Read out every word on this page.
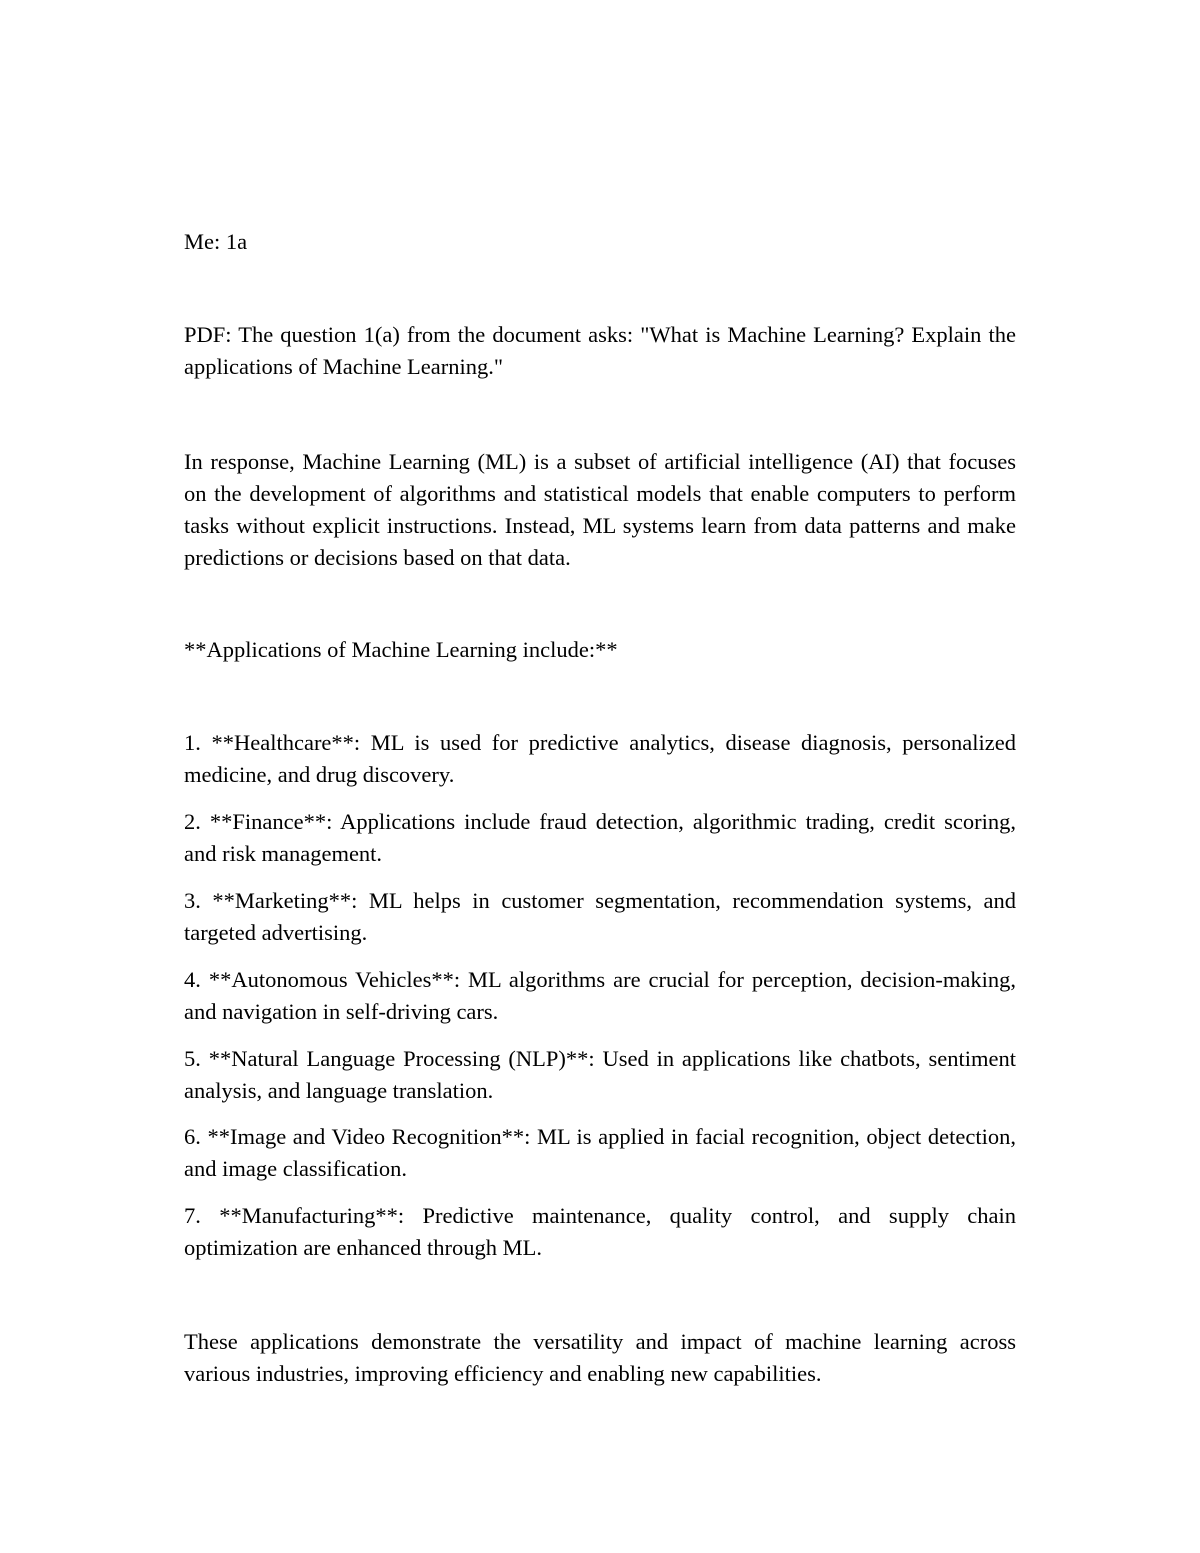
Me: 1a

PDF: The question 1(a) from the document asks: "What is Machine Learning? Explain the applications of Machine Learning."

In response, Machine Learning (ML) is a subset of artificial intelligence (AI) that focuses on the development of algorithms and statistical models that enable computers to perform tasks without explicit instructions. Instead, ML systems learn from data patterns and make predictions or decisions based on that data.

**Applications of Machine Learning include:**

1. **Healthcare**: ML is used for predictive analytics, disease diagnosis, personalized medicine, and drug discovery.

2. **Finance**: Applications include fraud detection, algorithmic trading, credit scoring, and risk management.

3. **Marketing**: ML helps in customer segmentation, recommendation systems, and targeted advertising.

4. **Autonomous Vehicles**: ML algorithms are crucial for perception, decision-making, and navigation in self-driving cars.

5. **Natural Language Processing (NLP)**: Used in applications like chatbots, sentiment analysis, and language translation.

6. **Image and Video Recognition**: ML is applied in facial recognition, object detection, and image classification.

7. **Manufacturing**: Predictive maintenance, quality control, and supply chain optimization are enhanced through ML.

These applications demonstrate the versatility and impact of machine learning across various industries, improving efficiency and enabling new capabilities.
